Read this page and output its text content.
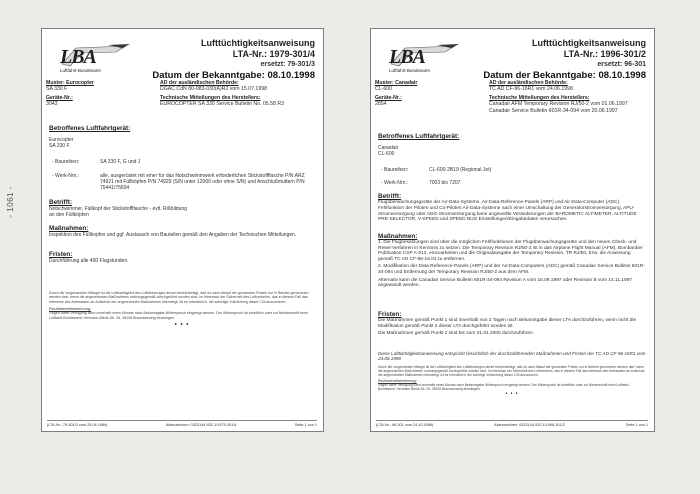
- 1061 -
LBA
Luftfahrt-Bundesamt
Lufttüchtigkeitsanweisung
LTA-Nr.: 1979-301/4
ersetzt: 79-301/3
Datum der Bekanntgabe: 08.10.1998
Muster: Eurocopter
SA 330 F
Geräte-Nr.:
3043
AD der ausländischen Behörde:
DGAC CdN 80-083-030(A)R2 vom 15.07.1998
Technische Mitteilungen des Herstellers:
EUROCOPTER SA 330 Service Bulletin No. 05.58 R3
Betroffenes Luftfahrtgerät:
Eurocopter
SA 330 F
- Baureihen:	SA 330 F, G und J
- Werk-Nrn.:	alle, ausgerüstet mit einer für das Notschwimmwerk erforderlichen Stickstoffflasche P/N ARZ 74921 mit Füllköpfen P/N 74929 (S/N unter 12000 oder ohne S/N) und Anschlußmuttern P/N 75441/75834
Betrifft:
Notschwimmer, Füllkopf der Stickstoffflasche - evtl. Rißbildung an den Füllköpfen
Maßnahmen:
Inspektion des Füllkopfes und ggf. Austausch von Bauteilen gemäß den Angaben der Technischen Mitteilungen.
Fristen:
Durchführung alle 400 Flugstunden.
Durch die vorgenannten Mängel ist die Lufttüchtigkeit des Luftfahrzeuges derart beeinträchtigt, daß es nach Ablauf der genannten Fristen nur in Betrieb genommen werden darf, wenn die angeordneten Maßnahmen ordnungsgemäß durchgeführt worden sind. Im Interesse der Sicherheit des Luftverkehrs, das in diesem Fall das Interesse des Adressaten an Aufschub der angeordneten Maßnahmen überwiegt, ist es erforderlich, die sofortige Vollziehung dieser LTA anzuordnen.
Rechtsbehelfsbelehrung:
Gegen diese Verfügung kann innerhalb eines Monats nach Bekanntgabe Widerspruch eingelegt werden. Der Widerspruch ist schriftlich oder zur Niederschrift beim Luftfahrt-Bundesamt, Hermann-Blenk-Str. 26, 38108 Braunschweig einzulegen.
• • •
(LTA-Nr.: 79-301/3 vom 25.04.1984)	Aktenzeichen: 0323144-932.1/1979-301/4	Seite 1 von 1
LBA
Luftfahrt-Bundesamt
Lufttüchtigkeitsanweisung
LTA-Nr.: 1996-301/2
ersetzt: 96-301
Datum der Bekanntgabe: 08.10.1998
Muster: Canadair
CL-600
Geräte-Nr.:
2854
AD der ausländischen Behörde:
TC AD CF-96-16R1 vom 24.06.1998
Technische Mitteilungen des Herstellers:
Canadair AFM Temporary Revision RJ/50-2 vom 01.06.1997
Canadair Service Bulletin 601R-34-094 vom 20.06.1997
Betroffenes Luftfahrtgerät:
Canadair
CL-600
- Baureihen:	CL-600-2B19 (Regional Jet)
- Werk-Nrn.:	7003 bis 7207
Betrifft:
Flugüberwachungsgeräte der Air-Data-Systeme, Air-Data-Reference-Panels (ARP) und Air-Data-Computer (ADC). Fehlfunktion der Piloten und Co-Piloten Air-Data-Systeme nach einer Umschaltung der Generatorstromversorgung, APU-Stromversorgung oder ADG-Stromversorgung kann ungewollte Veränderungen der BAROMETIC ALTIMETER, ALTITUDE PRE-SELECTOR, V-SPEED und SPEED BUG Einstellungen/Eingabedaten verursachen.
Maßnahmen:
1. Die Flugbesatzungen sind über die möglichen Fehlfunktionen der Flugüberwachungsgeräte und den neuen Check- und Reset-Verfahren in Kenntnis zu setzen. Die Temporary Revision RJ/50-2 ist in das Airplane Flight Manual (AFM), Bombardier Publication CSP A-012, einzuarbeiten und die Originalausgabe der Temporary Revision, TR RJ/50, bzw. die Anweisung gemäß TC AD CF-96-16 ist zu entfernen.
2. Modifikation der Data-Reference-Panels (ARP) und der Air-Data-Computers (ADC) gemäß Canadair Service Bulletin 601R-34-094 und Entfernung der Temporary Revision RJ/50-2 aus dem AFM.
Alternativ kann die Canadair Service Bulletin 601R-34-094 Revision A vom 16.09.1997 oder Revision B vom 14.11.1997 angewandt werden.
Fristen:
Die Maßnahmen gemäß Punkt 1 sind innerhalb von 2 Tagen nach Bekanntgabe dieser LTA durchzuführen, wenn nicht die Modifikation gemäß Punkt 2 dieser LTA durchgeführt worden ist.
Die Maßnahmen gemäß Punkt 2 sind bis zum 31.01.2000 durchzuführen.
Diese Lufttüchtigkeitsanweisung entspricht hinsichtlich der durchzuführenden Maßnahmen und Fristen der TC AD CF-96-16R1 vom 24.06.1998
Durch die vorgenannten Mängel ist die Lufttüchtigkeit des Luftfahrzeuges derart beeinträchtigt, daß es nach Ablauf der genannten Fristen nur in Betrieb genommen werden darf, wenn die angeordneten Maßnahmen ordnungsgemäß durchgeführt worden sind. Im Interesse der Sicherheit des Luftverkehrs, das in diesem Fall das Interesse des Adressaten an Aufschub der angeordneten Maßnahmen überwiegt, ist es erforderlich, die sofortige Vollziehung dieser LTA anzuordnen.
Rechtsbehelfsbelehrung:
Gegen diese Verfügung kann innerhalb eines Monats nach Bekanntgabe Widerspruch eingelegt werden. Der Widerspruch ist schriftlich oder zur Niederschrift beim Luftfahrt-Bundesamt, Hermann-Blenk-Str. 26, 38108 Braunschweig einzulegen.
• • •
(LTA-Nr.: 96-301 vom 24.10.1996)	Aktenzeichen: 0323144-932.1/1996-301/2	Seite 1 von 1
